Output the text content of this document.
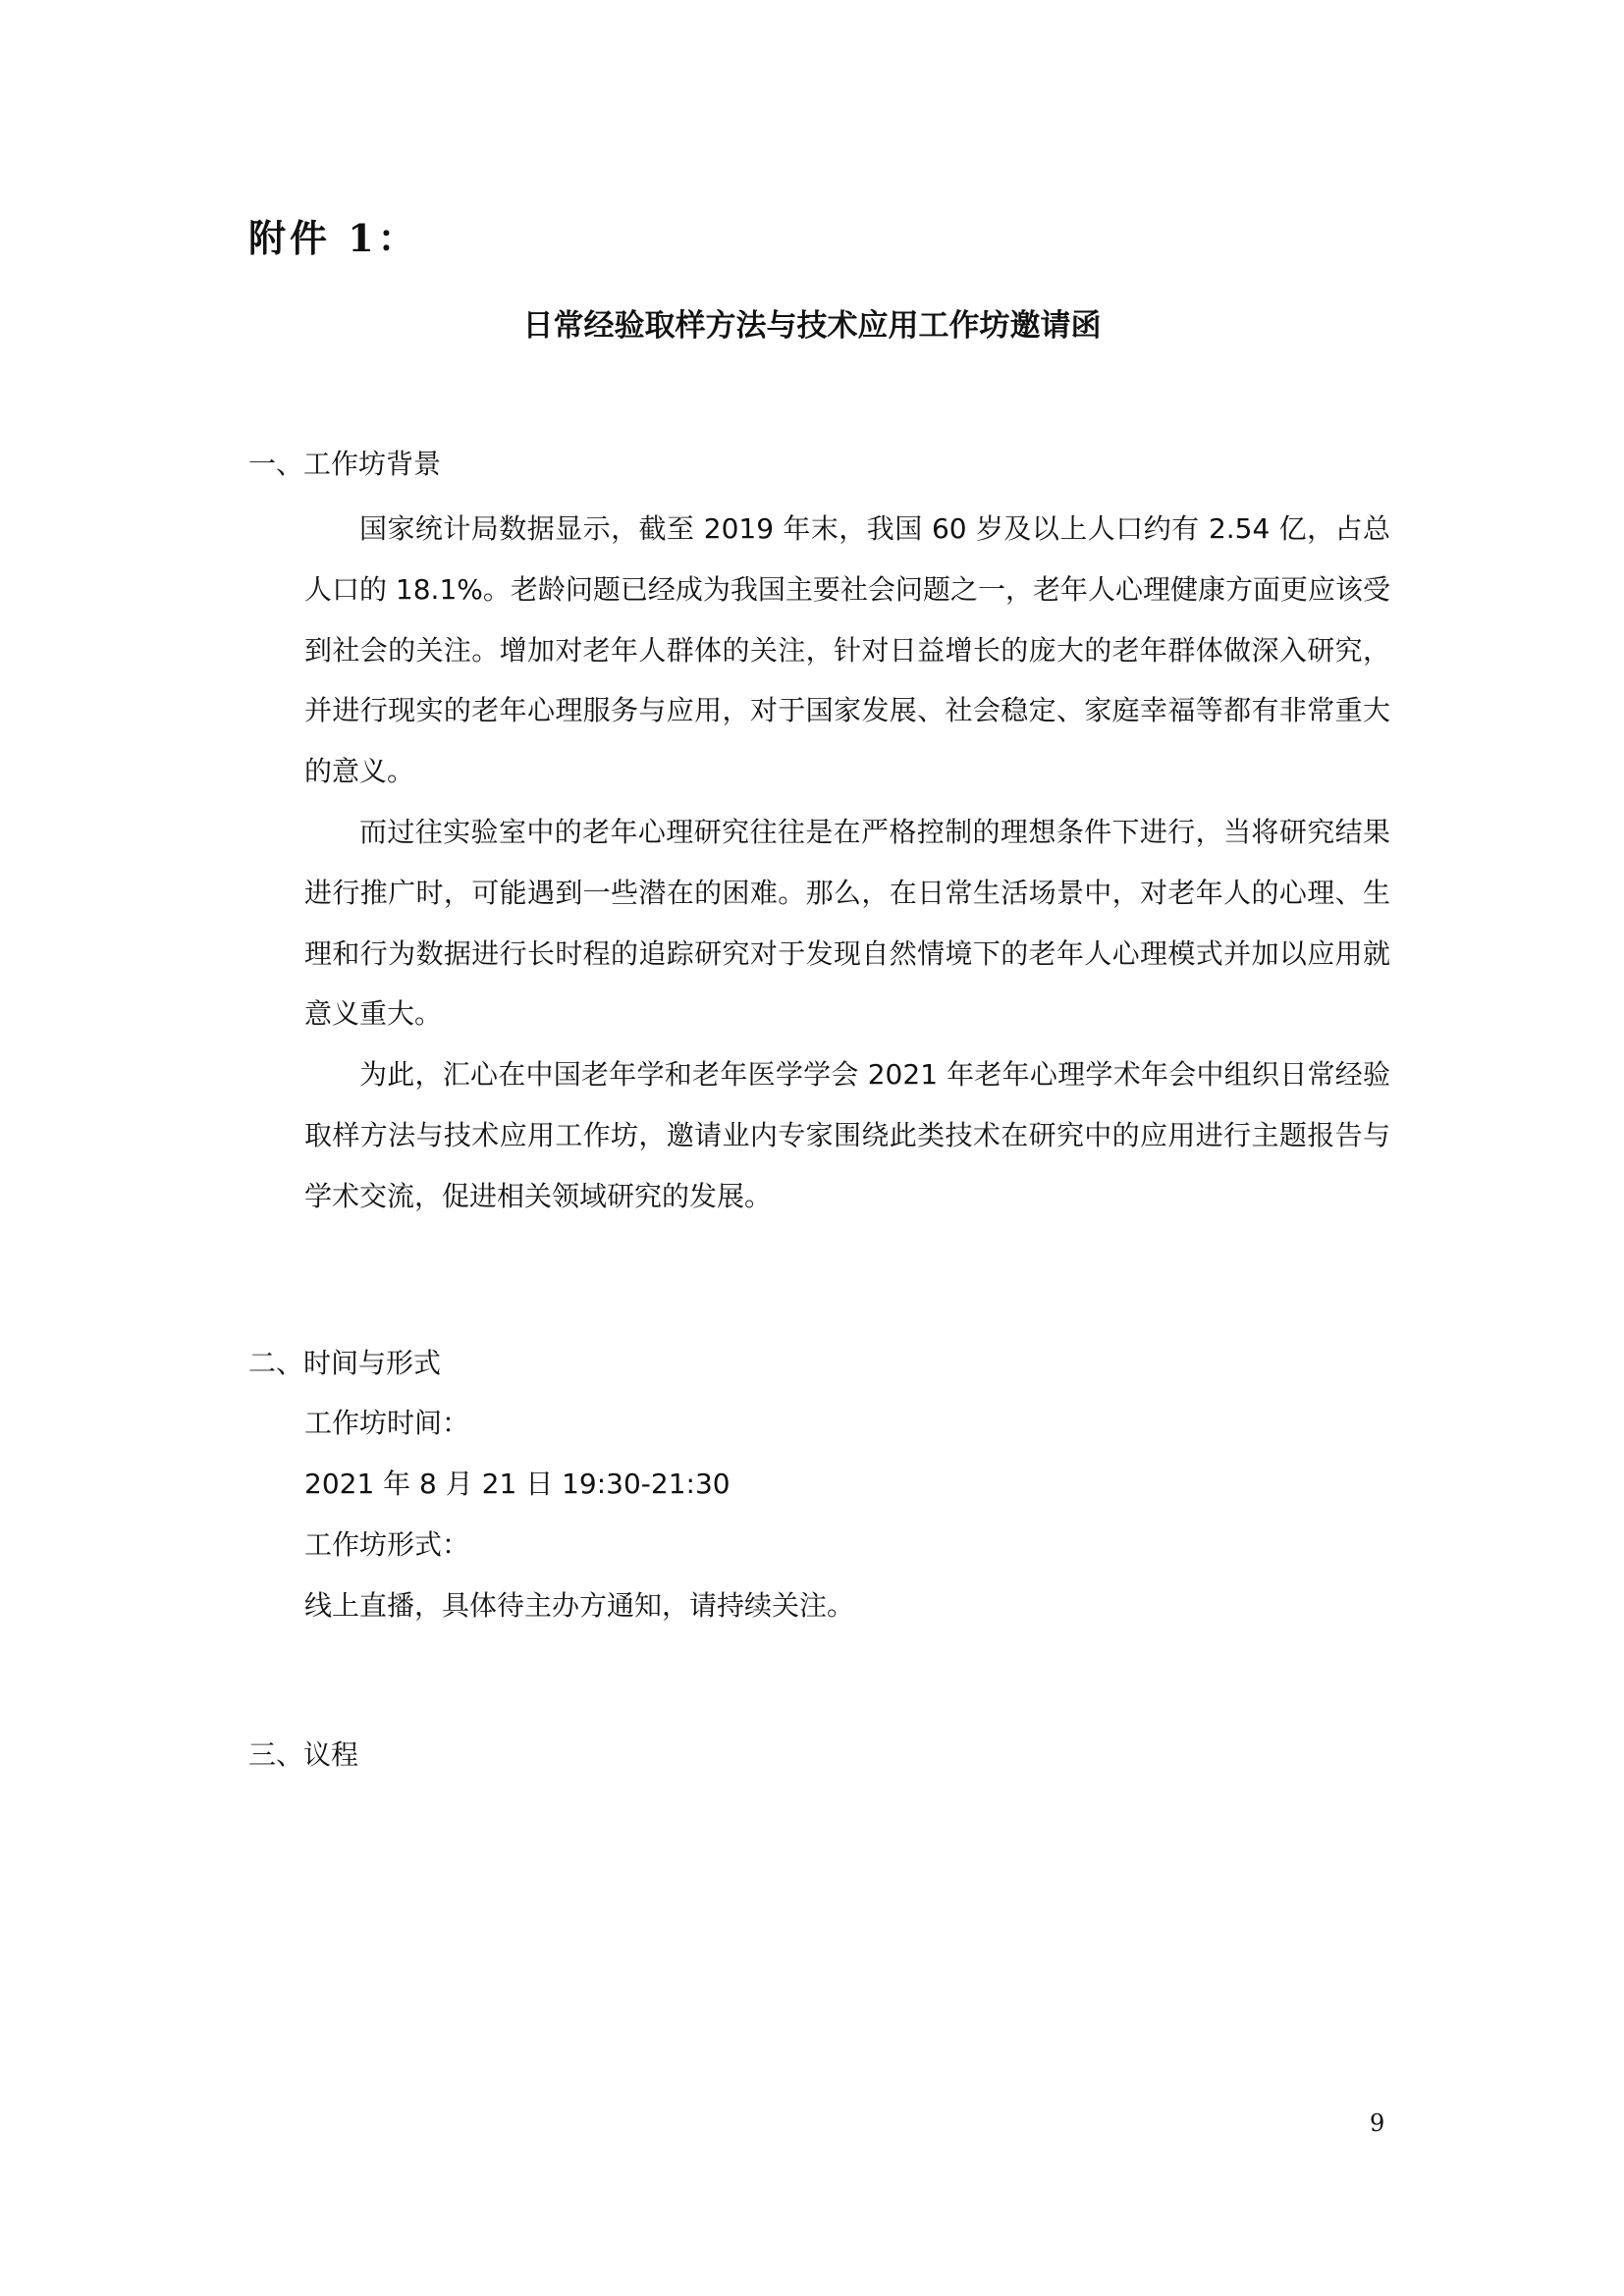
附件 1：
日常经验取样方法与技术应用工作坊邀请函
一、工作坊背景

国家统计局数据显示，截至 2019 年末，我国 60 岁及以上人口约有 2.54 亿，占总人口的 18.1%。老龄问题已经成为我国主要社会问题之一，老年人心理健康方面更应该受到社会的关注。增加对老年人群体的关注，针对日益增长的庞大的老年群体做深入研究，并进行现实的老年心理服务与应用，对于国家发展、社会稳定、家庭幸福等都有非常重大的意义。

而过往实验室中的老年心理研究往往是在严格控制的理想条件下进行，当将研究结果进行推广时，可能遇到一些潜在的困难。那么，在日常生活场景中，对老年人的心理、生理和行为数据进行长时程的追踪研究对于发现自然情境下的老年人心理模式并加以应用就意义重大。

为此，汇心在中国老年学和老年医学学会 2021 年老年心理学术年会中组织日常经验取样方法与技术应用工作坊，邀请业内专家围绕此类技术在研究中的应用进行主题报告与学术交流，促进相关领域研究的发展。

二、时间与形式
工作坊时间：
2021 年 8 月 21 日 19:30-21:30
工作坊形式：
线上直播，具体待主办方通知，请持续关注。
三、议程
9
